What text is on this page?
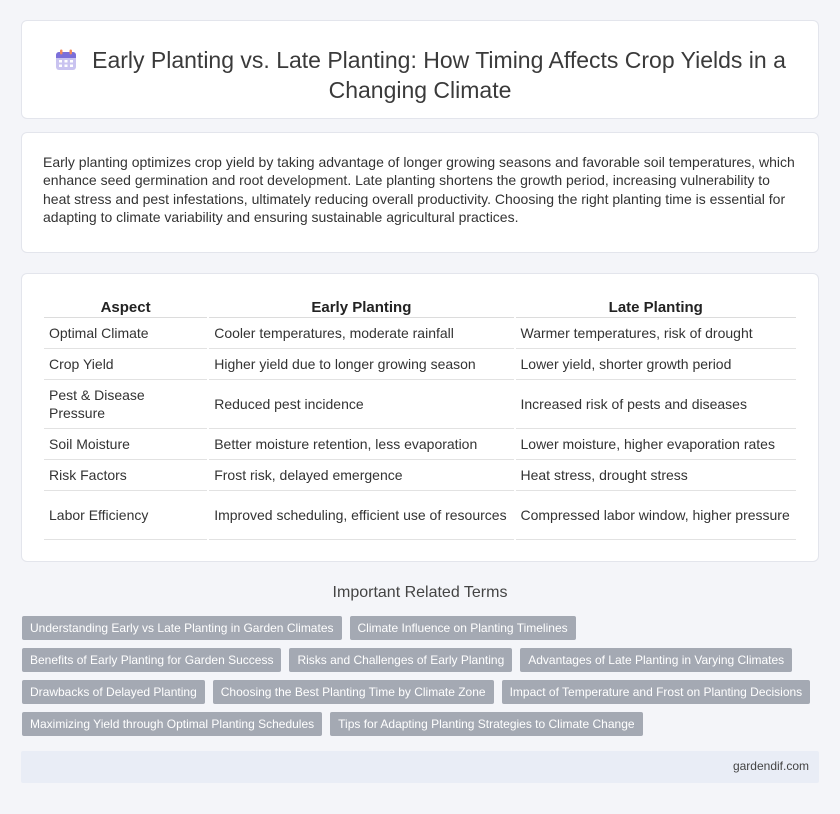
Early Planting vs. Late Planting: How Timing Affects Crop Yields in a Changing Climate

Early planting optimizes crop yield by taking advantage of longer growing seasons and favorable soil temperatures, which enhance seed germination and root development. Late planting shortens the growth period, increasing vulnerability to heat stress and pest infestations, ultimately reducing overall productivity. Choosing the right planting time is essential for adapting to climate variability and ensuring sustainable agricultural practices.

Aspect	Early Planting	Late Planting
Optimal Climate	Cooler temperatures, moderate rainfall	Warmer temperatures, risk of drought
Crop Yield	Higher yield due to longer growing season	Lower yield, shorter growth period
Pest & Disease Pressure	Reduced pest incidence	Increased risk of pests and diseases
Soil Moisture	Better moisture retention, less evaporation	Lower moisture, higher evaporation rates
Risk Factors	Frost risk, delayed emergence	Heat stress, drought stress
Labor Efficiency	Improved scheduling, efficient use of resources	Compressed labor window, higher pressure
Important Related Terms
Understanding Early vs Late Planting in Garden Climates	Climate Influence on Planting Timelines
Benefits of Early Planting for Garden Success	Risks and Challenges of Early Planting	Advantages of Late Planting in Varying Climates
Drawbacks of Delayed Planting	Choosing the Best Planting Time by Climate Zone	Impact of Temperature and Frost on Planting Decisions
Maximizing Yield through Optimal Planting Schedules	Tips for Adapting Planting Strategies to Climate Change
gardendif.com
